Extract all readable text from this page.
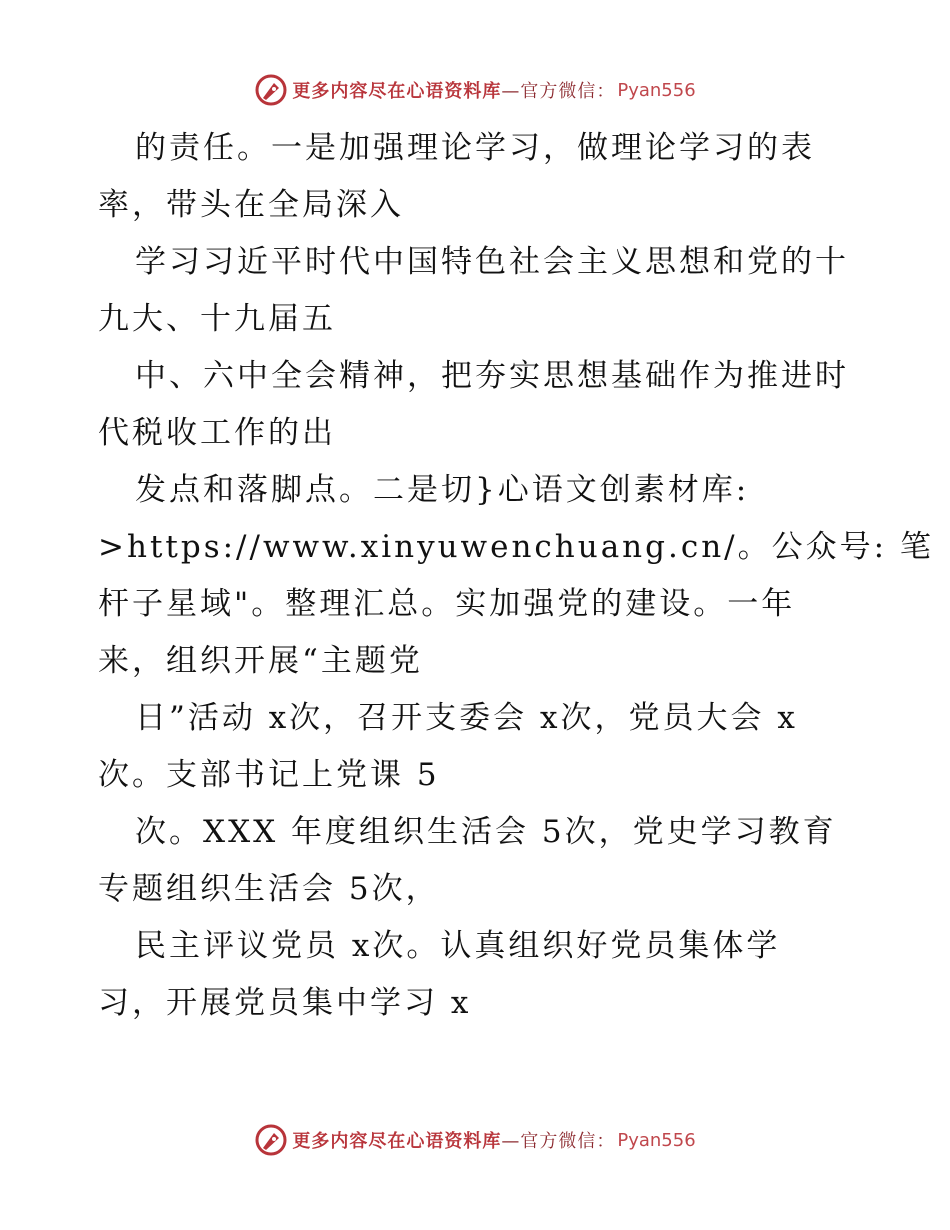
更多内容尽在心语资料库 —官方微信： Pyan556
的责任。一是加强理论学习，做理论学习的表
率，带头在全局深入
学习习近平时代中国特色社会主义思想和党的十
九大、十九届五
中、六中全会精神，把夯实思想基础作为推进时
代税收工作的出
发点和落脚点。二是切}心语文创素材库:
>https://www.xinyuwenchuang.cn/。公众号: 笔
杆子星域"。整理汇总。实加强党的建设。一年
来，组织开展“主题党
日”活动 x次，召开支委会 x次，党员大会 x
次。支部书记上党课 5
次。XXX 年度组织生活会 5次，党史学习教育
专题组织生活会 5次，
民主评议党员 x次。认真组织好党员集体学
习，开展党员集中学习 x
更多内容尽在心语资料库 —官方微信： Pyan556
